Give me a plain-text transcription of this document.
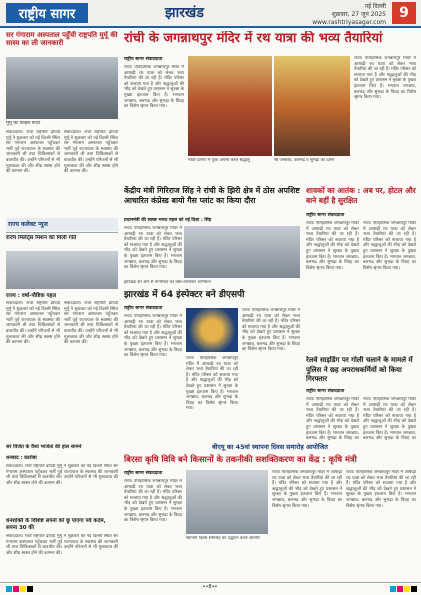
राष्ट्रीय सागर	झारखंड	नई दिल्ली
शुक्रवार, 27 जून 2025
www.rashtriyasagar.com
9
सर गंगाराम अस्पताल पहुँची राष्ट्रपति मुर्मू की सास्य का ली जानकारी
मुर्मू की फ़ाइल फ़ोटो
संवाददाता। रांची राष्ट्रपति द्रौपदी मुर्मू ने शुक्रवार को नई दिल्ली स्थित सर गंगाराम अस्पताल पहुँचकर भर्ती पूर्व राज्यपाल के स्वास्थ्य की जानकारी ली तथा चिकित्सकों से बातचीत की। उन्होंने परिजनों से भी मुलाकात की और शीघ्र स्वस्थ होने की कामना की।
संवाददाता। रांची राष्ट्रपति द्रौपदी मुर्मू ने शुक्रवार को नई दिल्ली स्थित सर गंगाराम अस्पताल पहुँचकर भर्ती पूर्व राज्यपाल के स्वास्थ्य की जानकारी ली तथा चिकित्सकों से बातचीत की। उन्होंने परिजनों से भी मुलाकात की और शीघ्र स्वस्थ होने की कामना की।
राज्य मिलेट्स मिशन को मिली गति
राज्य : वर्षा-पौष्टिक पहल
संवाददाता। रांची राष्ट्रपति द्रौपदी मुर्मू ने शुक्रवार को नई दिल्ली स्थित सर गंगाराम अस्पताल पहुँचकर भर्ती पूर्व राज्यपाल के स्वास्थ्य की जानकारी ली तथा चिकित्सकों से बातचीत की। उन्होंने परिजनों से भी मुलाकात की और शीघ्र स्वस्थ होने की कामना की।
संवाददाता। रांची राष्ट्रपति द्रौपदी मुर्मू ने शुक्रवार को नई दिल्ली स्थित सर गंगाराम अस्पताल पहुँचकर भर्ती पूर्व राज्यपाल के स्वास्थ्य की जानकारी ली तथा चिकित्सकों से बातचीत की। उन्होंने परिजनों से भी मुलाकात की और शीघ्र स्वस्थ होने की कामना की।
सर विजेत के वैश्व भाजेता की हाल सामने
धनबाद : कारोबा
संवाददाता। रांची राष्ट्रपति द्रौपदी मुर्मू ने शुक्रवार को नई दिल्ली स्थित सर गंगाराम अस्पताल पहुँचकर भर्ती पूर्व राज्यपाल के स्वास्थ्य की जानकारी ली तथा चिकित्सकों से बातचीत की। उन्होंने परिजनों से भी मुलाकात की और शीघ्र स्वस्थ होने की कामना की।
धनशक्ति के विशिष्ट सपनों को छू पाएगा पर्व कदम, सपना 30 की
संवाददाता। रांची राष्ट्रपति द्रौपदी मुर्मू ने शुक्रवार को नई दिल्ली स्थित सर गंगाराम अस्पताल पहुँचकर भर्ती पूर्व राज्यपाल के स्वास्थ्य की जानकारी ली तथा चिकित्सकों से बातचीत की। उन्होंने परिजनों से भी मुलाकात की और शीघ्र स्वस्थ होने की कामना की।
रांची के जगन्नाथपुर मंदिर में रथ यात्रा की भव्य तैयारियां
राष्ट्रीय सागर संवाददाता
रांची। ऐतिहासिक जगन्नाथपुर मंदिर में आषाढ़ी रथ यात्रा को लेकर भव्य तैयारियां की जा रही हैं। मंदिर परिसर को सजाया गया है और श्रद्धालुओं की भीड़ को देखते हुए प्रशासन ने सुरक्षा के पुख्ता इंतजाम किए हैं। भगवान जगन्नाथ, बलभद्र और सुभद्रा के विग्रह का विशेष श्रृंगार किया गया।
मंदिर प्रांगण में पूजा अर्चना करते श्रद्धालु	श्री जगन्नाथ, बलभद्र व सुभद्रा का दर्शन
रांची। ऐतिहासिक जगन्नाथपुर मंदिर में आषाढ़ी रथ यात्रा को लेकर भव्य तैयारियां की जा रही हैं। मंदिर परिसर को सजाया गया है और श्रद्धालुओं की भीड़ को देखते हुए प्रशासन ने सुरक्षा के पुख्ता इंतजाम किए हैं। भगवान जगन्नाथ, बलभद्र और सुभद्रा के विग्रह का विशेष श्रृंगार किया गया।
केंद्रीय मंत्री गिरिराज सिंह ने रांची के झिरी क्षेत्र में ठोस अपशिष्ट आधारित कंप्रेस्ड बायो गैस प्लांट का किया दौरा
प्रधानमंत्री की स्वच्छ भारत पहल को नई दिशा : सिंह
रांची। ऐतिहासिक जगन्नाथपुर मंदिर में आषाढ़ी रथ यात्रा को लेकर भव्य तैयारियां की जा रही हैं। मंदिर परिसर को सजाया गया है और श्रद्धालुओं की भीड़ को देखते हुए प्रशासन ने सुरक्षा के पुख्ता इंतजाम किए हैं। भगवान जगन्नाथ, बलभद्र और सुभद्रा के विग्रह का विशेष श्रृंगार किया गया।
शावकों का आतंक : अब पर, होटल और बाने बहीं है सुरक्षित
राष्ट्रीय सागर संवाददाता
रांची। ऐतिहासिक जगन्नाथपुर मंदिर में आषाढ़ी रथ यात्रा को लेकर भव्य तैयारियां की जा रही हैं। मंदिर परिसर को सजाया गया है और श्रद्धालुओं की भीड़ को देखते हुए प्रशासन ने सुरक्षा के पुख्ता इंतजाम किए हैं। भगवान जगन्नाथ, बलभद्र और सुभद्रा के विग्रह का विशेष श्रृंगार किया गया।
रांची। ऐतिहासिक जगन्नाथपुर मंदिर में आषाढ़ी रथ यात्रा को लेकर भव्य तैयारियां की जा रही हैं। मंदिर परिसर को सजाया गया है और श्रद्धालुओं की भीड़ को देखते हुए प्रशासन ने सुरक्षा के पुख्ता इंतजाम किए हैं। भगवान जगन्नाथ, बलभद्र और सुभद्रा के विग्रह का विशेष श्रृंगार किया गया।
राज्य कलेक्ट न्यूज
झारखंड की ओर से नागरिकों को वस्त्र-वेलफेयर अभियान
झारखंड में 64 इंस्पेक्टर बने डीएसपी
राष्ट्रीय सागर संवाददाता
रांची। ऐतिहासिक जगन्नाथपुर मंदिर में आषाढ़ी रथ यात्रा को लेकर भव्य तैयारियां की जा रही हैं। मंदिर परिसर को सजाया गया है और श्रद्धालुओं की भीड़ को देखते हुए प्रशासन ने सुरक्षा के पुख्ता इंतजाम किए हैं। भगवान जगन्नाथ, बलभद्र और सुभद्रा के विग्रह का विशेष श्रृंगार किया गया।
रांची। ऐतिहासिक जगन्नाथपुर मंदिर में आषाढ़ी रथ यात्रा को लेकर भव्य तैयारियां की जा रही हैं। मंदिर परिसर को सजाया गया है और श्रद्धालुओं की भीड़ को देखते हुए प्रशासन ने सुरक्षा के पुख्ता इंतजाम किए हैं। भगवान जगन्नाथ, बलभद्र और सुभद्रा के विग्रह का विशेष श्रृंगार किया गया।
रांची। ऐतिहासिक जगन्नाथपुर मंदिर में आषाढ़ी रथ यात्रा को लेकर भव्य तैयारियां की जा रही हैं। मंदिर परिसर को सजाया गया है और श्रद्धालुओं की भीड़ को देखते हुए प्रशासन ने सुरक्षा के पुख्ता इंतजाम किए हैं। भगवान जगन्नाथ, बलभद्र और सुभद्रा के विग्रह का विशेष श्रृंगार किया गया।
रेलवे साइडिंग पर गोली चलाने के मामले में पुलिस ने छह अपराधकर्मियों को किया गिरफ्तार
राष्ट्रीय सागर संवाददाता
रांची। ऐतिहासिक जगन्नाथपुर मंदिर में आषाढ़ी रथ यात्रा को लेकर भव्य तैयारियां की जा रही हैं। मंदिर परिसर को सजाया गया है और श्रद्धालुओं की भीड़ को देखते हुए प्रशासन ने सुरक्षा के पुख्ता इंतजाम किए हैं। भगवान जगन्नाथ, बलभद्र और सुभद्रा के विग्रह का
रांची। ऐतिहासिक जगन्नाथपुर मंदिर में आषाढ़ी रथ यात्रा को लेकर भव्य तैयारियां की जा रही हैं। मंदिर परिसर को सजाया गया है और श्रद्धालुओं की भीड़ को देखते हुए प्रशासन ने सुरक्षा के पुख्ता इंतजाम किए हैं। भगवान जगन्नाथ, बलभद्र और सुभद्रा के विग्रह का
बीएयू का 45वां स्थापना दिवस समारोह आयोजित
बिरसा कृषि विवि बने किसानों के तकनीकी सशक्तिकरण का केंद्र : कृषि मंत्री
राष्ट्रीय सागर संवाददाता
रांची। ऐतिहासिक जगन्नाथपुर मंदिर में आषाढ़ी रथ यात्रा को लेकर भव्य तैयारियां की जा रही हैं। मंदिर परिसर को सजाया गया है और श्रद्धालुओं की भीड़ को देखते हुए प्रशासन ने सुरक्षा के पुख्ता इंतजाम किए हैं। भगवान जगन्नाथ, बलभद्र और सुभद्रा के विग्रह का विशेष श्रृंगार किया गया।
स्थापना दिवस समारोह का उद्घाटन करते अतिथि
रांची। ऐतिहासिक जगन्नाथपुर मंदिर में आषाढ़ी रथ यात्रा को लेकर भव्य तैयारियां की जा रही हैं। मंदिर परिसर को सजाया गया है और श्रद्धालुओं की भीड़ को देखते हुए प्रशासन ने सुरक्षा के पुख्ता इंतजाम किए हैं। भगवान जगन्नाथ, बलभद्र और सुभद्रा के विग्रह का विशेष श्रृंगार किया गया।
रांची। ऐतिहासिक जगन्नाथपुर मंदिर में आषाढ़ी रथ यात्रा को लेकर भव्य तैयारियां की जा रही हैं। मंदिर परिसर को सजाया गया है और श्रद्धालुओं की भीड़ को देखते हुए प्रशासन ने सुरक्षा के पुख्ता इंतजाम किए हैं। भगवान जगन्नाथ, बलभद्र और सुभद्रा के विग्रह का विशेष श्रृंगार किया गया।
••8••
